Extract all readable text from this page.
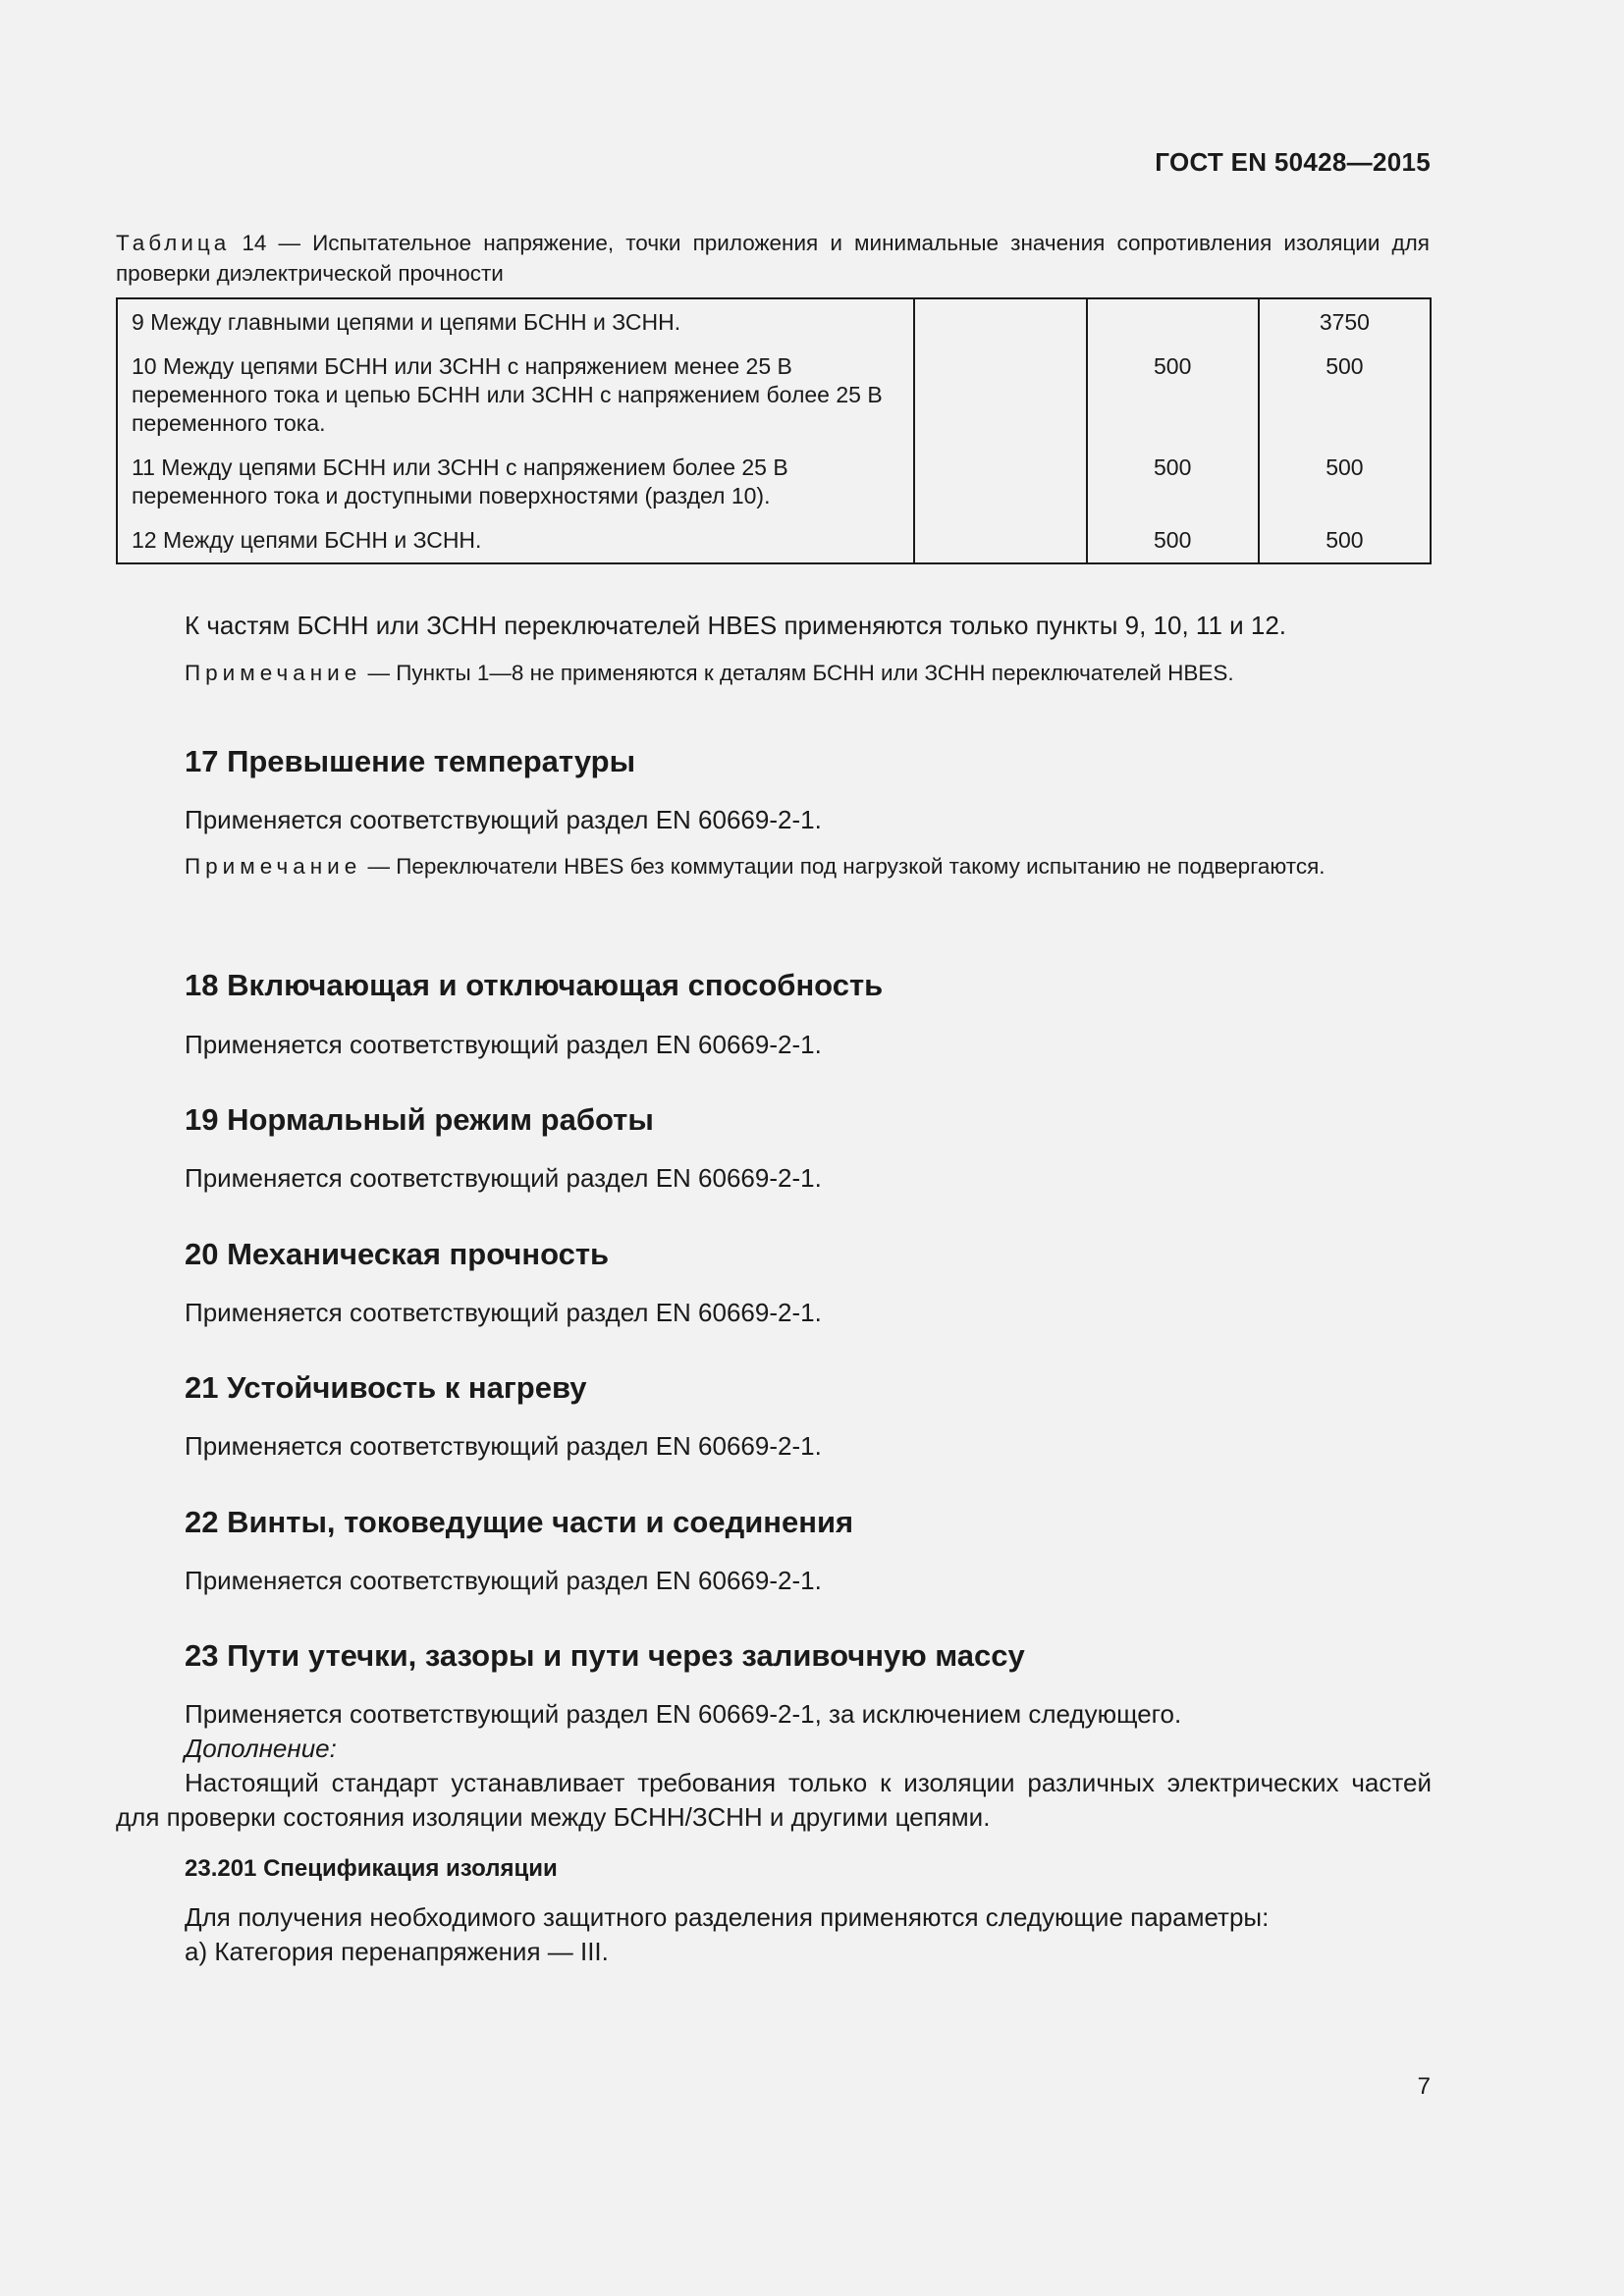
ГОСТ EN 50428—2015
Таблица 14 — Испытательное напряжение, точки приложения и минимальные значения сопротивления изоляции для проверки диэлектрической прочности
9 Между главными цепями и цепями БСНН и ЗСНН.			3750
10 Между цепями БСНН или ЗСНН с напряжением менее 25 В переменного тока и цепью БСНН или ЗСНН с напряжением более 25 В переменного тока.		500	500
11 Между цепями БСНН или ЗСНН с напряжением более 25 В переменного тока и доступными поверхностями (раздел 10).		500	500
12 Между цепями БСНН и ЗСНН.		500	500
К частям БСНН или ЗСНН переключателей HBES применяются только пункты 9, 10, 11 и 12.
Примечание — Пункты 1—8 не применяются к деталям БСНН или ЗСНН переключателей HBES.
17 Превышение температуры
Применяется соответствующий раздел EN 60669-2-1.
Примечание — Переключатели HBES без коммутации под нагрузкой такому испытанию не подвергаются.
18 Включающая и отключающая способность
Применяется соответствующий раздел EN 60669-2-1.
19 Нормальный режим работы
Применяется соответствующий раздел EN 60669-2-1.
20 Механическая прочность
Применяется соответствующий раздел EN 60669-2-1.
21 Устойчивость к нагреву
Применяется соответствующий раздел EN 60669-2-1.
22 Винты, токоведущие части и соединения
Применяется соответствующий раздел EN 60669-2-1.
23 Пути утечки, зазоры и пути через заливочную массу
Применяется соответствующий раздел EN 60669-2-1, за исключением следующего.
Дополнение:
Настоящий стандарт устанавливает требования только к изоляции различных электрических частей для проверки состояния изоляции между БСНН/ЗСНН и другими цепями.
23.201 Спецификация изоляции
Для получения необходимого защитного разделения применяются следующие параметры:
а) Категория перенапряжения — III.
7
